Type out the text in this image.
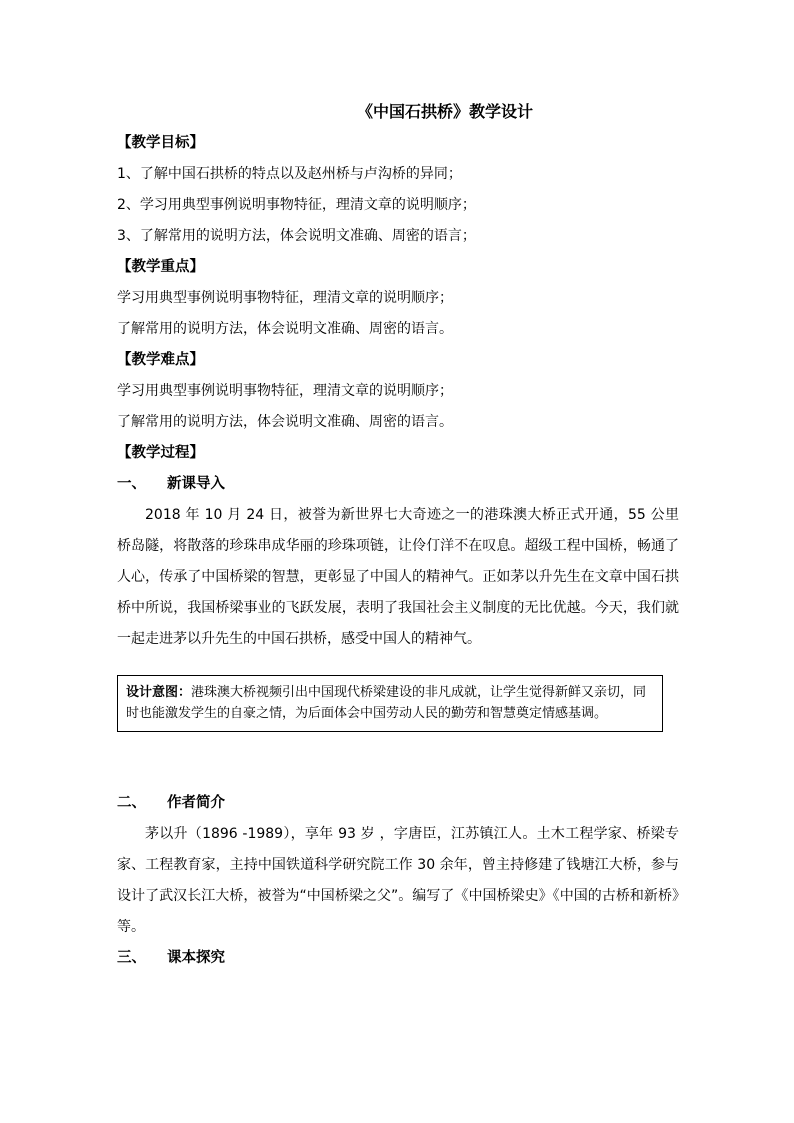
《中国石拱桥》教学设计
【教学目标】
1、了解中国石拱桥的特点以及赵州桥与卢沟桥的异同；
2、学习用典型事例说明事物特征，理清文章的说明顺序；
3、了解常用的说明方法，体会说明文准确、周密的语言；
【教学重点】
学习用典型事例说明事物特征，理清文章的说明顺序；
了解常用的说明方法，体会说明文准确、周密的语言。
【教学难点】
学习用典型事例说明事物特征，理清文章的说明顺序；
了解常用的说明方法，体会说明文准确、周密的语言。
【教学过程】
一、 新课导入
2018 年 10 月 24 日，被誉为新世界七大奇迹之一的港珠澳大桥正式开通，55 公里桥岛隧，将散落的珍珠串成华丽的珍珠项链，让伶仃洋不在叹息。超级工程中国桥，畅通了人心，传承了中国桥梁的智慧，更彰显了中国人的精神气。正如茅以升先生在文章中国石拱桥中所说，我国桥梁事业的飞跃发展，表明了我国社会主义制度的无比优越。今天，我们就一起走进茅以升先生的中国石拱桥，感受中国人的精神气。
设计意图：港珠澳大桥视频引出中国现代桥梁建设的非凡成就，让学生觉得新鲜又亲切，同时也能激发学生的自豪之情，为后面体会中国劳动人民的勤劳和智慧奠定情感基调。
二、 作者简介
茅以升（1896 -1989），享年 93 岁 ，字唐臣，江苏镇江人。土木工程学家、桥梁专家、工程教育家，主持中国铁道科学研究院工作 30 余年，曾主持修建了钱塘江大桥，参与设计了武汉长江大桥，被誉为“中国桥梁之父”。编写了《中国桥梁史》《中国的古桥和新桥》等。
三、 课本探究
